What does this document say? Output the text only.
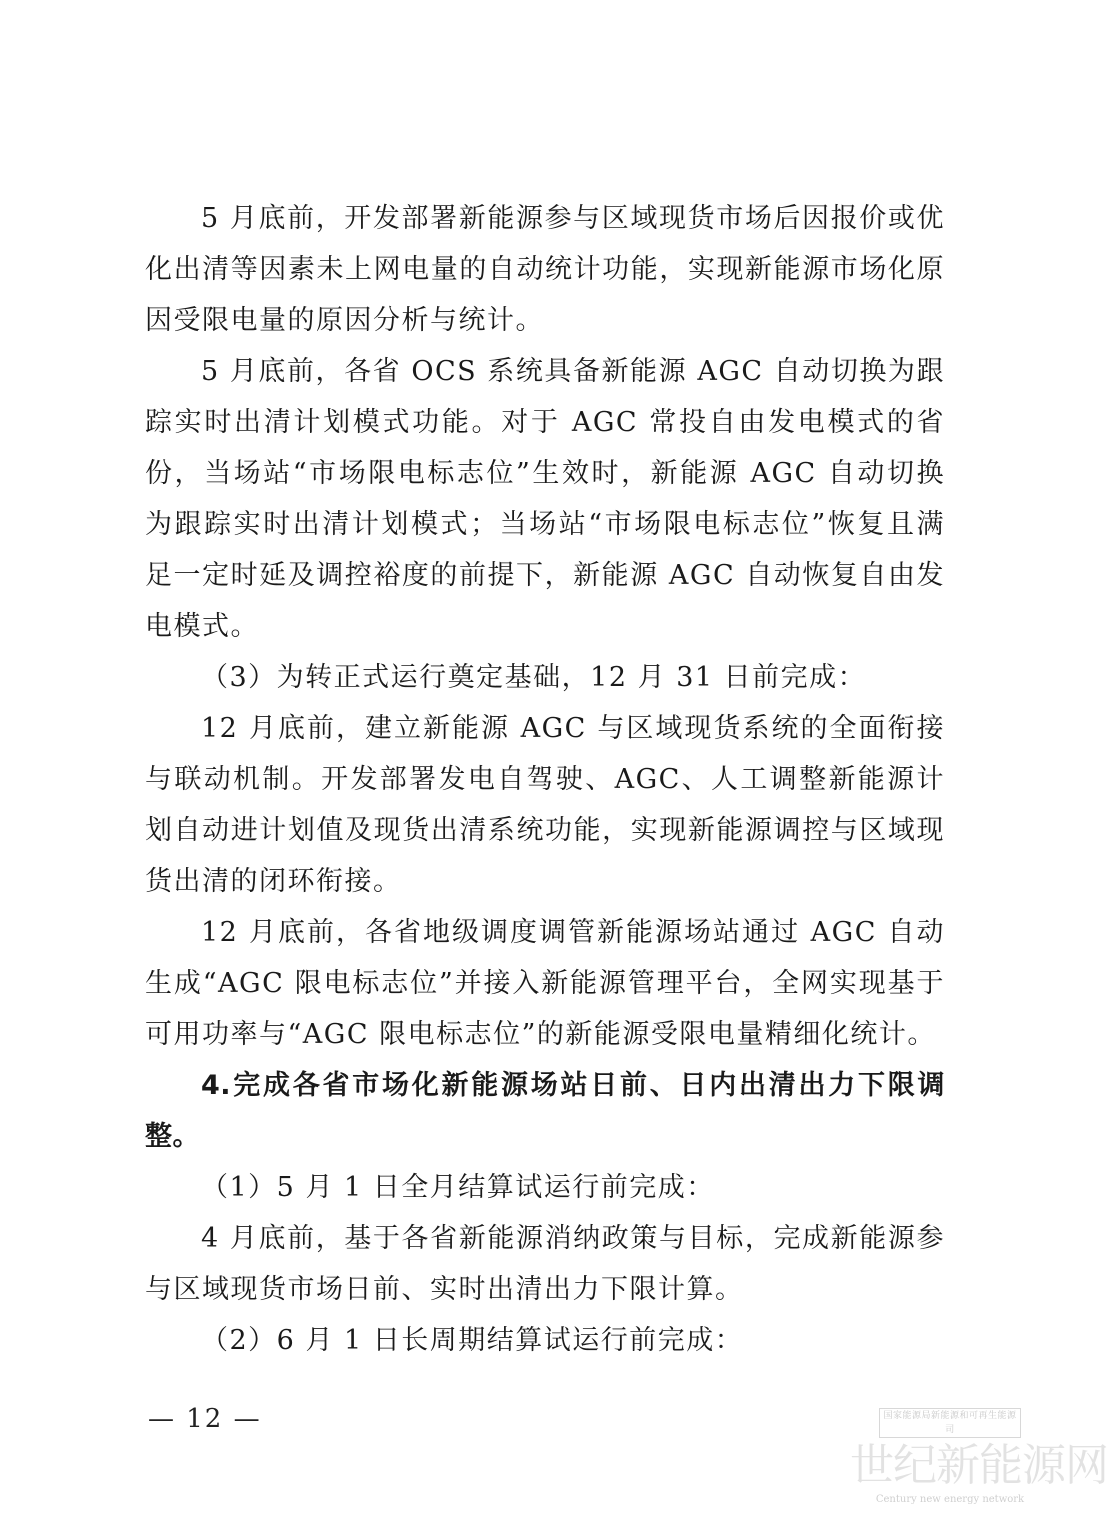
5 月底前，开发部署新能源参与区域现货市场后因报价或优化出清等因素未上网电量的自动统计功能，实现新能源市场化原因受限电量的原因分析与统计。

5 月底前，各省 OCS 系统具备新能源 AGC 自动切换为跟踪实时出清计划模式功能。对于 AGC 常投自由发电模式的省份，当场站“市场限电标志位”生效时，新能源 AGC 自动切换为跟踪实时出清计划模式；当场站“市场限电标志位”恢复且满足一定时延及调控裕度的前提下，新能源 AGC 自动恢复自由发电模式。

（3）为转正式运行奠定基础，12 月 31 日前完成：

12 月底前，建立新能源 AGC 与区域现货系统的全面衔接与联动机制。开发部署发电自驾驶、AGC、人工调整新能源计划自动进计划值及现货出清系统功能，实现新能源调控与区域现货出清的闭环衔接。

12 月底前，各省地级调度调管新能源场站通过 AGC 自动生成“AGC 限电标志位”并接入新能源管理平台，全网实现基于可用功率与“AGC 限电标志位”的新能源受限电量精细化统计。

4.完成各省市场化新能源场站日前、日内出清出力下限调整。

（1）5 月 1 日全月结算试运行前完成：

4 月底前，基于各省新能源消纳政策与目标，完成新能源参与区域现货市场日前、实时出清出力下限计算。

（2）6 月 1 日长周期结算试运行前完成：

— 12 —	国家能源局新能源和可再生能源司
世纪新能源网
Century new energy network
